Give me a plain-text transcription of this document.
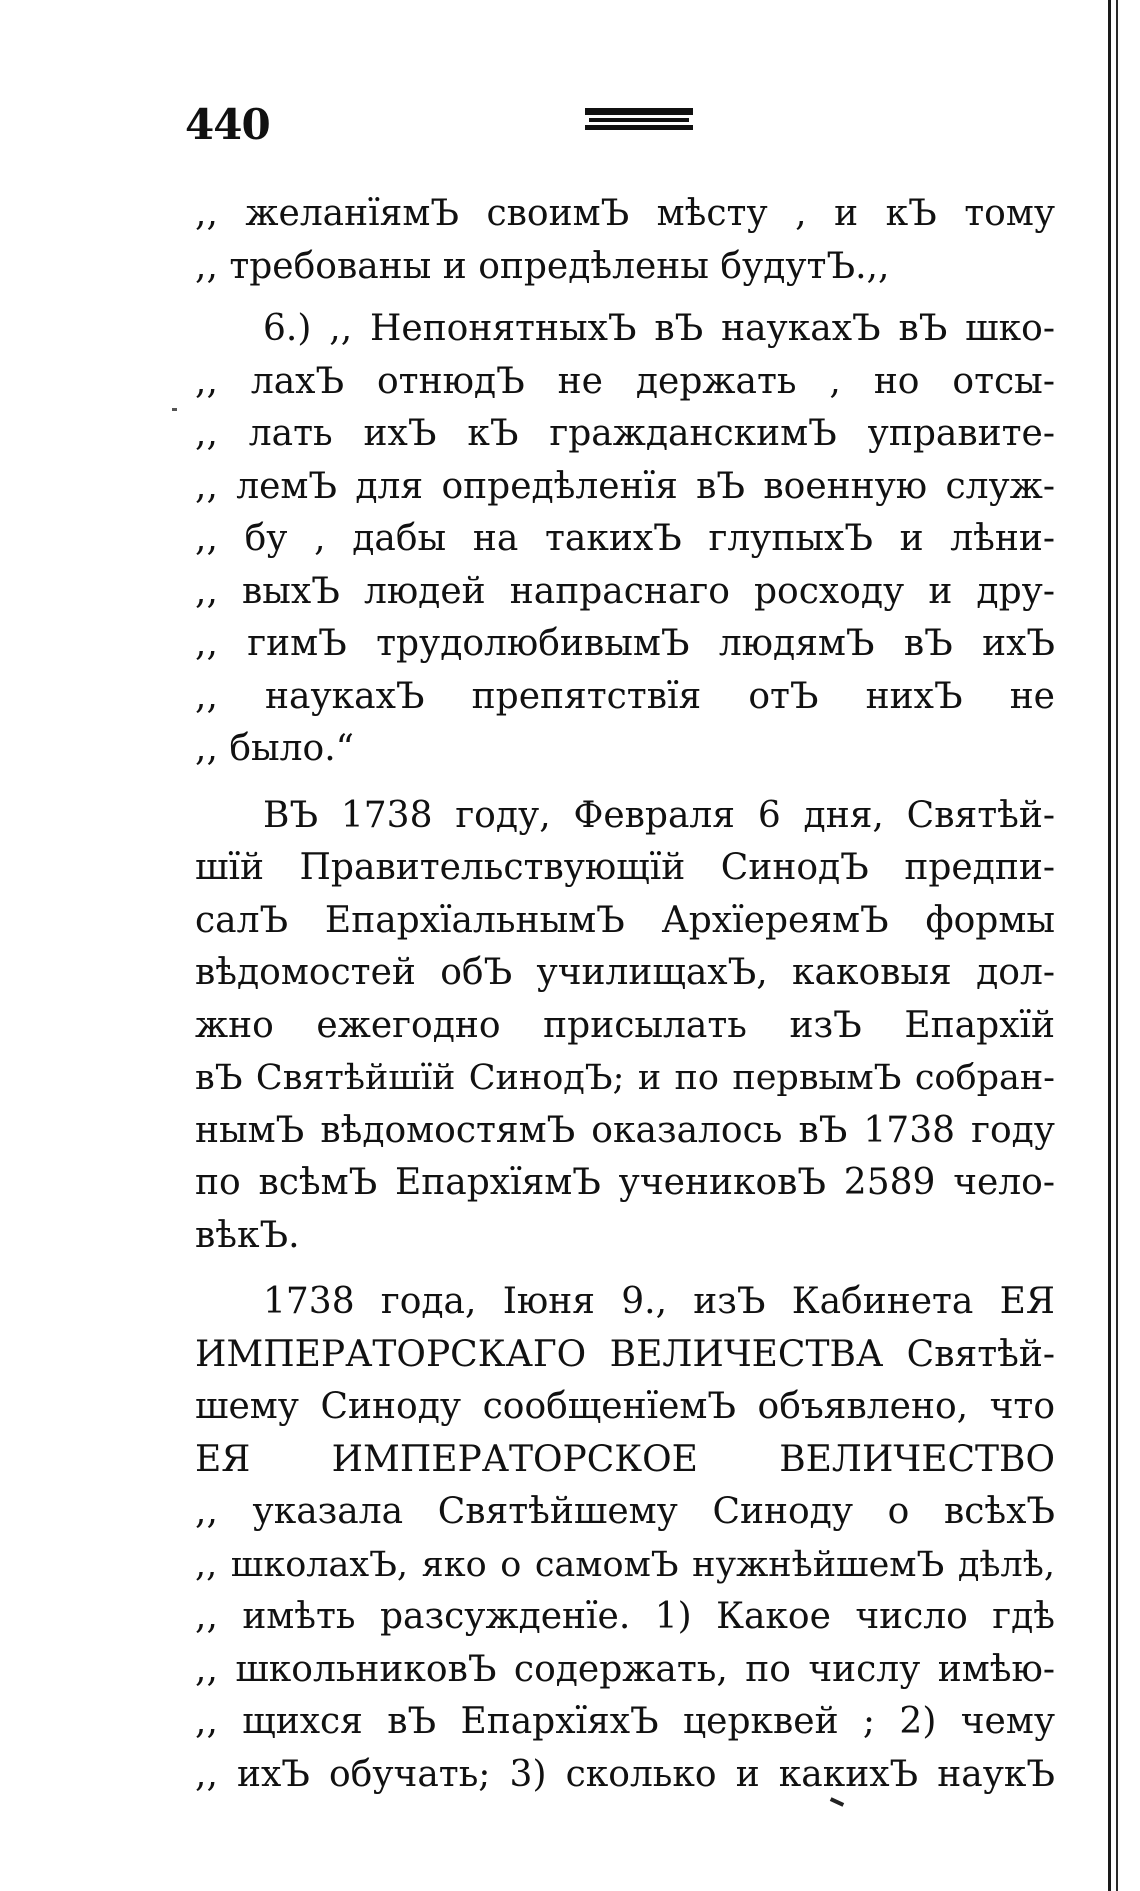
440
,, желанїямЪ своимЪ мѣсту , и кЪ тому
,, требованы и опредѣлены будутЪ.,,
6.) ,, НепонятныхЪ вЪ наукахЪ вЪ шко-
,, лахЪ отнюдЪ не держать , но отсы-
,, лать ихЪ кЪ гражданскимЪ управите-
,, лемЪ для опредѣленїя вЪ военную служ-
,, бу , дабы на такихЪ глупыхЪ и лѣни-
,, выхЪ людей напраснаго росходу и дру-
,, гимЪ трудолюбивымЪ людямЪ вЪ ихЪ
,, наукахЪ препятствїя отЪ нихЪ не
,, было.“
ВЪ 1738 году, Февраля 6 дня, Святѣй-
шїй Правительствующїй СинодЪ предпи-
салЪ ЕпархїальнымЪ АрхїереямЪ формы
вѣдомостей обЪ училищахЪ, каковыя дол-
жно ежегодно присылать изЪ Епархїй
вЪ Святѣйшїй СинодЪ; и по первымЪ собран-
нымЪ вѣдомостямЪ оказалось вЪ 1738 году
по всѣмЪ ЕпархїямЪ учениковЪ 2589 чело-
вѣкЪ.
1738 года, Іюня 9., изЪ Кабинета ЕЯ
ИМПЕРАТОРСКАГО ВЕЛИЧЕСТВА Святѣй-
шему Синоду сообщенїемЪ объявлено, что
ЕЯ ИМПЕРАТОРСКОЕ ВЕЛИЧЕСТВО
,, указала Святѣйшему Синоду о всѣхЪ
,, школахЪ, яко о самомЪ нужнѣйшемЪ дѣлѣ,
,, имѣть разсужденїе. 1) Какое число гдѣ
,, школьниковЪ содержать, по числу имѣю-
,, щихся вЪ ЕпархїяхЪ церквей ; 2) чему
,, ихЪ обучать; 3) сколько и какихЪ наукЪ
